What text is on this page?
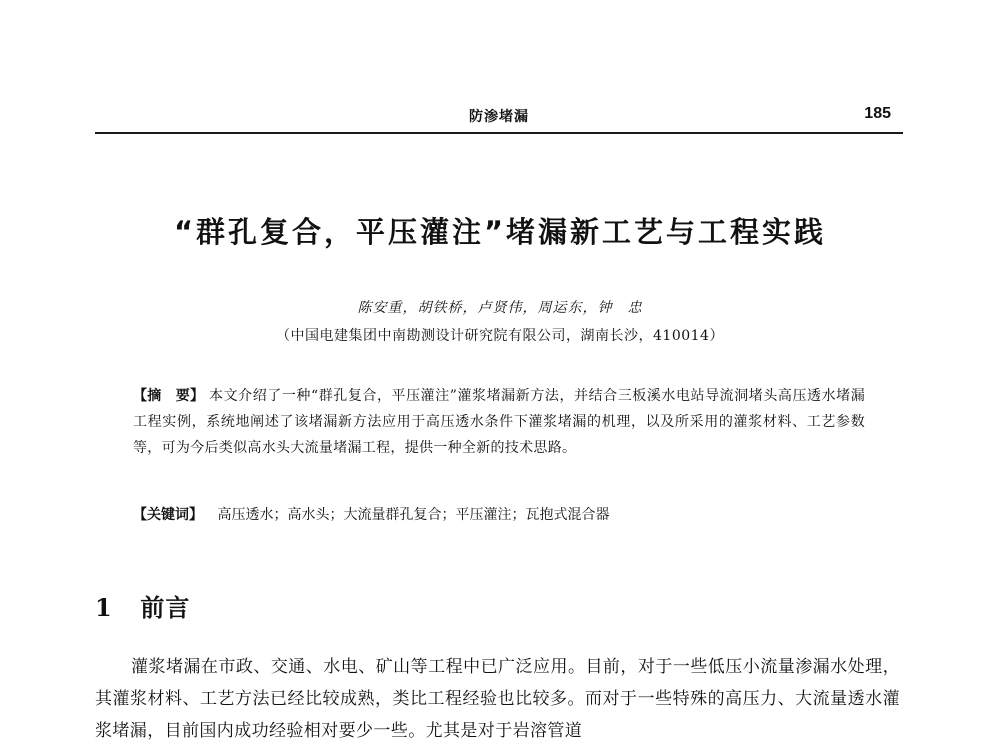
防渗堵漏	185
“群孔复合，平压灌注”堵漏新工艺与工程实践
陈安重，胡铁桥，卢贤伟，周运东，钟　忠
（中国电建集团中南勘测设计研究院有限公司，湖南长沙，410014）
【摘　要】 本文介绍了一种“群孔复合，平压灌注”灌浆堵漏新方法，并结合三板溪水电站导流洞堵头高压透水堵漏工程实例，系统地阐述了该堵漏新方法应用于高压透水条件下灌浆堵漏的机理，以及所采用的灌浆材料、工艺参数等，可为今后类似高水头大流量堵漏工程，提供一种全新的技术思路。
【关键词】 高压透水；高水头；大流量群孔复合；平压灌注；瓦抱式混合器
1 前言
灌浆堵漏在市政、交通、水电、矿山等工程中已广泛应用。目前，对于一些低压小流量渗漏水处理，其灌浆材料、工艺方法已经比较成熟，类比工程经验也比较多。而对于一些特殊的高压力、大流量透水灌浆堵漏，目前国内成功经验相对要少一些。尤其是对于岩溶管道
